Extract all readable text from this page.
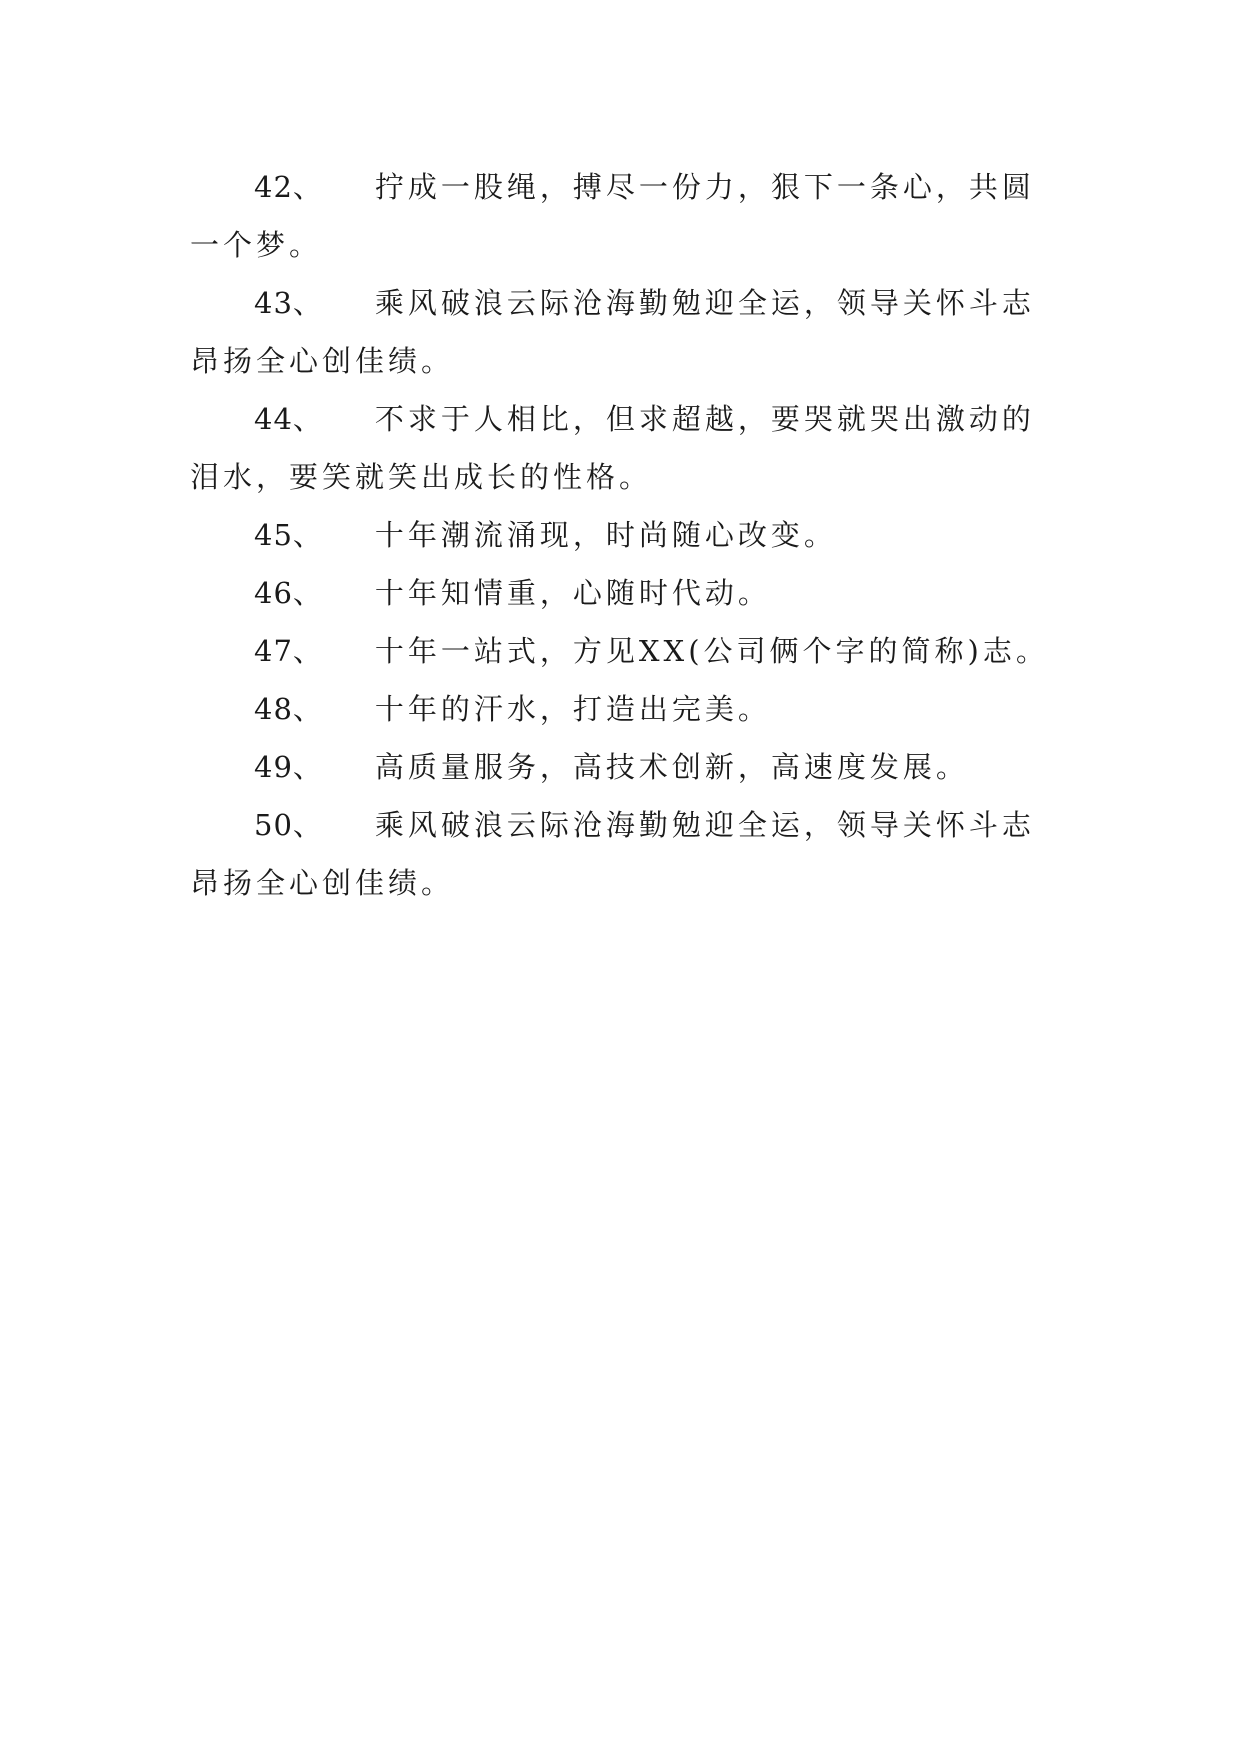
42、 拧成一股绳，搏尽一份力，狠下一条心，共圆一个梦。

43、 乘风破浪云际沧海勤勉迎全运，领导关怀斗志昂扬全心创佳绩。

44、 不求于人相比，但求超越，要哭就哭出激动的泪水，要笑就笑出成长的性格。

45、 十年潮流涌现，时尚随心改变。

46、 十年知情重，心随时代动。

47、 十年一站式，方见XX(公司俩个字的简称)志。

48、 十年的汗水，打造出完美。

49、 高质量服务，高技术创新，高速度发展。

50、 乘风破浪云际沧海勤勉迎全运，领导关怀斗志昂扬全心创佳绩。
